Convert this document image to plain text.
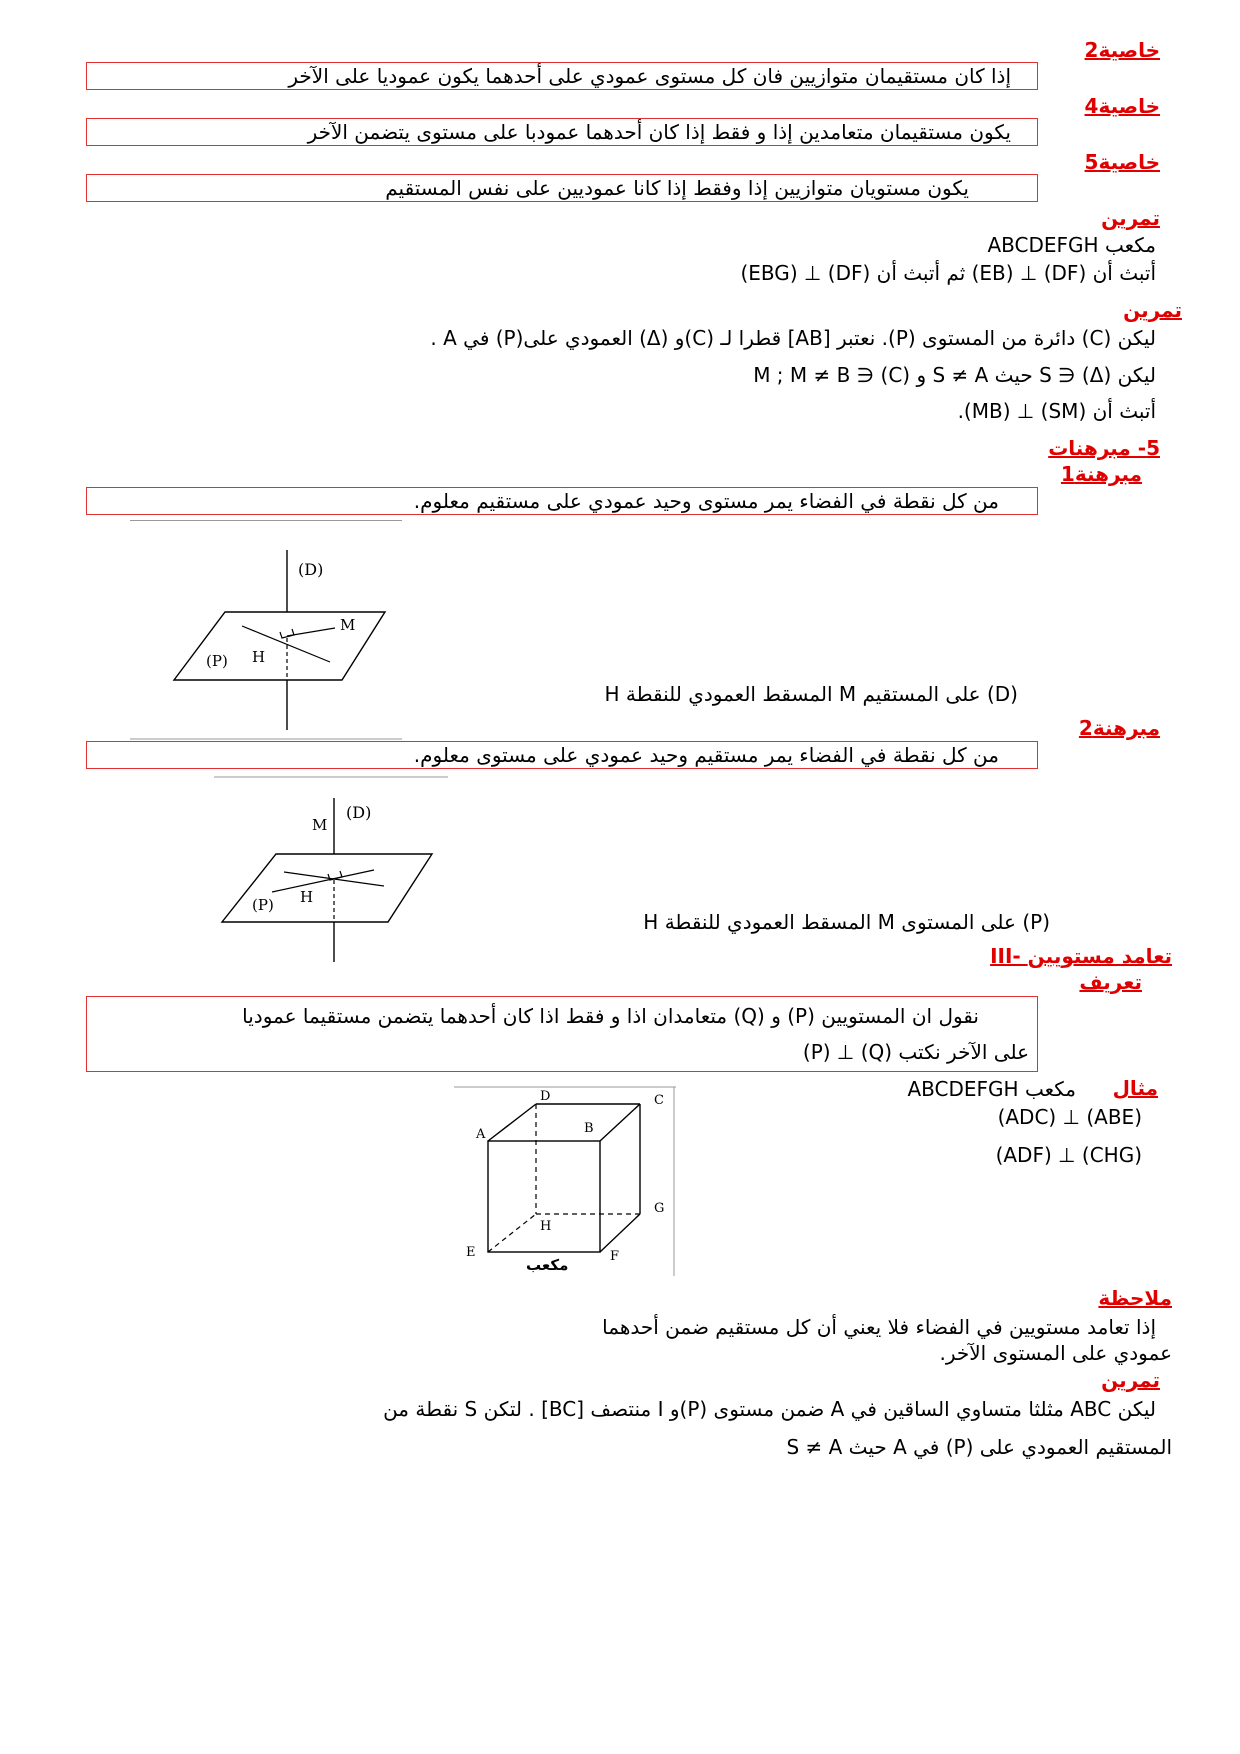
خاصية2
إذا كان مستقيمان متوازيين فان كل مستوى عمودي على أحدهما يكون عموديا على الآخر
خاصية4
يكون مستقيمان متعامدين إذا و فقط إذا كان أحدهما عمودبا على مستوى يتضمن الآخر
خاصية5
يكون مستويان متوازيين إذا وفقط إذا كانا عموديين على نفس المستقيم
تمرين
ABCDEFGH مكعب
أتبث أن (DF) ⊥ (EB) ثم أتبث أن (DF) ⊥ (EBG)
تمرين
ليكن (C) دائرة من المستوى (P). نعتبر [AB] قطرا لـ (C)و (Δ) العمودي على(P) في A .
ليكن (Δ) ∈ S حيث S ≠ A و (C) ∈ M ; M ≠ B
أتبث أن (SM) ⊥ (MB).
5- مبرهنات
مبرهنة1
من كل نقطة في الفضاء يمر مستوى وحيد عمودي على مستقيم معلوم.
(D)
M
H
(P)
H المسقط العمودي للنقطة M على المستقيم (D)
مبرهنة2
من كل نقطة في الفضاء يمر مستقيم وحيد عمودي على مستوى معلوم.
(D)
M
H
(P)
H المسقط العمودي للنقطة M على المستوى (P)
III- تعامد مستويين
تعريف
نقول ان المستويين (P) و (Q) متعامدان اذا و فقط اذا كان أحدهما يتضمن مستقيما عموديا
على الآخر نكتب (Q) ⊥ (P)
مثال
ABCDEFGH مكعب
(ADC) ⊥ (ABE)
(ADF) ⊥ (CHG)
A	B
C
D
E	F
G
H
مكعب
ملاحظة
إذا تعامد مستويين في الفضاء فلا يعني أن كل مستقيم ضمن أحدهما
عمودي على المستوى الآخر.
تمرين
ليكن ABC مثلثا متساوي الساقين في A ضمن مستوى (P)و I منتصف [BC] . لتكن S نقطة من
المستقيم العمودي على (P) في A حيث S ≠ A
